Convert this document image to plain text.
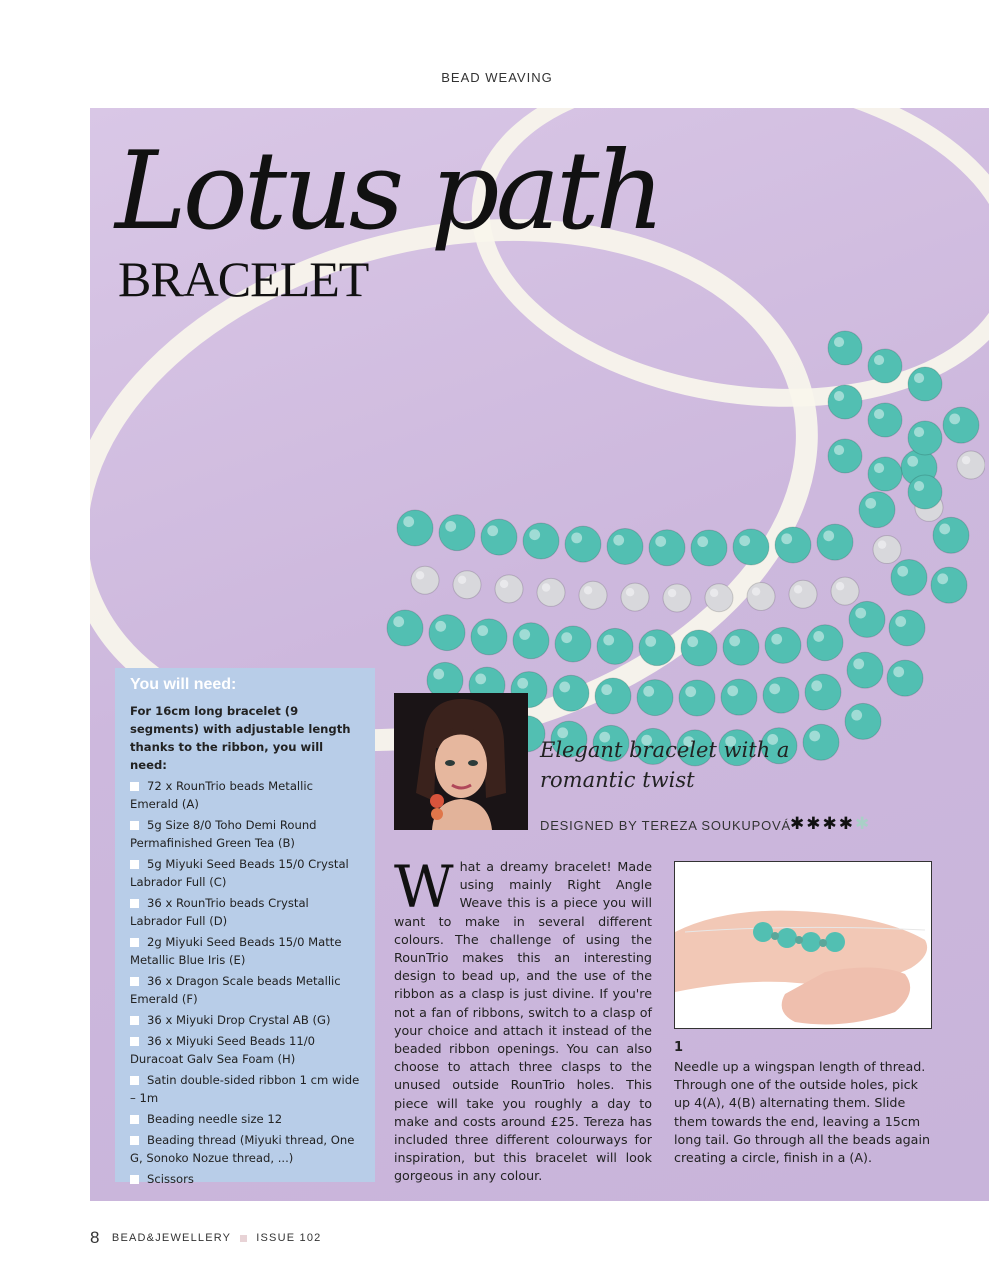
BEAD WEAVING
Lotus path
BRACELET
You will need:
For 16cm long bracelet (9 segments) with adjustable length thanks to the ribbon, you will need:
72 x RounTrio beads Metallic Emerald (A)
5g Size 8/0 Toho Demi Round Permafinished Green Tea (B)
5g Miyuki Seed Beads 15/0 Crystal Labrador Full (C)
36 x RounTrio beads Crystal Labrador Full (D)
2g Miyuki Seed Beads 15/0 Matte Metallic Blue Iris (E)
36 x Dragon Scale beads Metallic Emerald (F)
36 x Miyuki Drop Crystal AB (G)
36 x Miyuki Seed Beads 11/0 Duracoat Galv Sea Foam (H)
Satin double-sided ribbon 1 cm wide – 1m
Beading needle size 12
Beading thread (Miyuki thread, One G, Sonoko Nozue thread, ...)
Scissors
Elegant bracelet with a romantic twist
DESIGNED BY TEREZA SOUKUPOVÁ ✱✱✱✱✱
What a dreamy bracelet! Made using mainly Right Angle Weave this is a piece you will want to make in several different colours. The challenge of using the RounTrio makes this an interesting design to bead up, and the use of the ribbon as a clasp is just divine. If you're not a fan of ribbons, switch to a clasp of your choice and attach it instead of the beaded ribbon openings. You can also choose to attach three clasps to the unused outside RounTrio holes. This piece will take you roughly a day to make and costs around £25. Tereza has included three different colourways for inspiration, but this bracelet will look gorgeous in any colour.
1
Needle up a wingspan length of thread. Through one of the outside holes, pick up 4(A), 4(B) alternating them. Slide them towards the end, leaving a 15cm long tail. Go through all the beads again creating a circle, finish in a (A).
8 BEAD&JEWELLERY ISSUE 102
